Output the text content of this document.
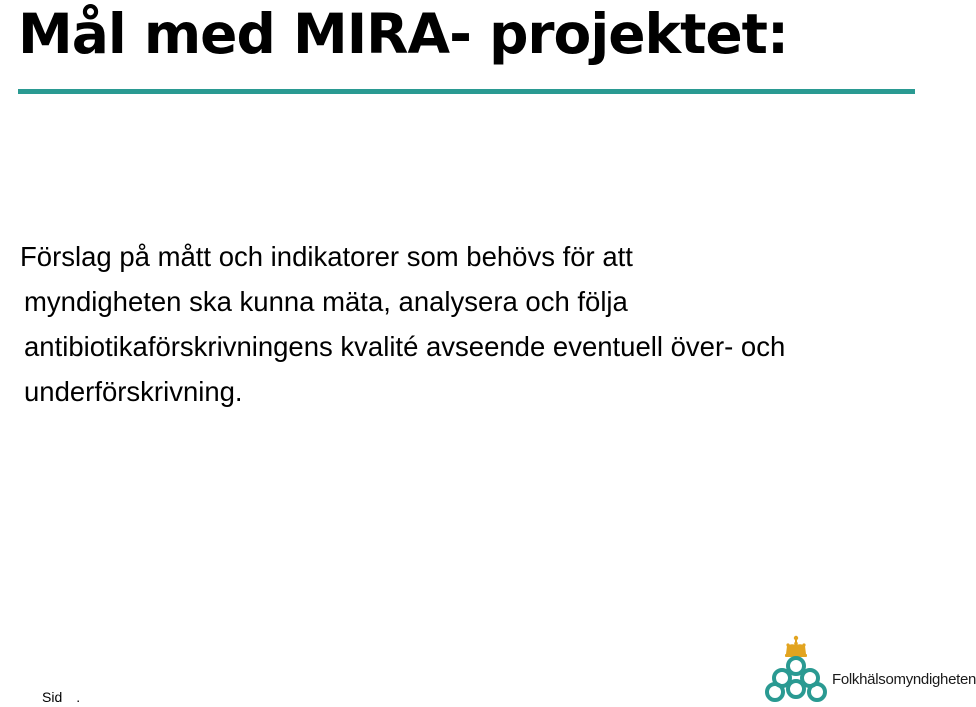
Mål med MIRA- projektet:

Förslag på mått och indikatorer som behövs för att
myndigheten ska kunna mäta, analysera och följa
antibiotikaförskrivningens kvalité avseende eventuell över- och
underförskrivning.

Sid .
Folkhälsomyndigheten
